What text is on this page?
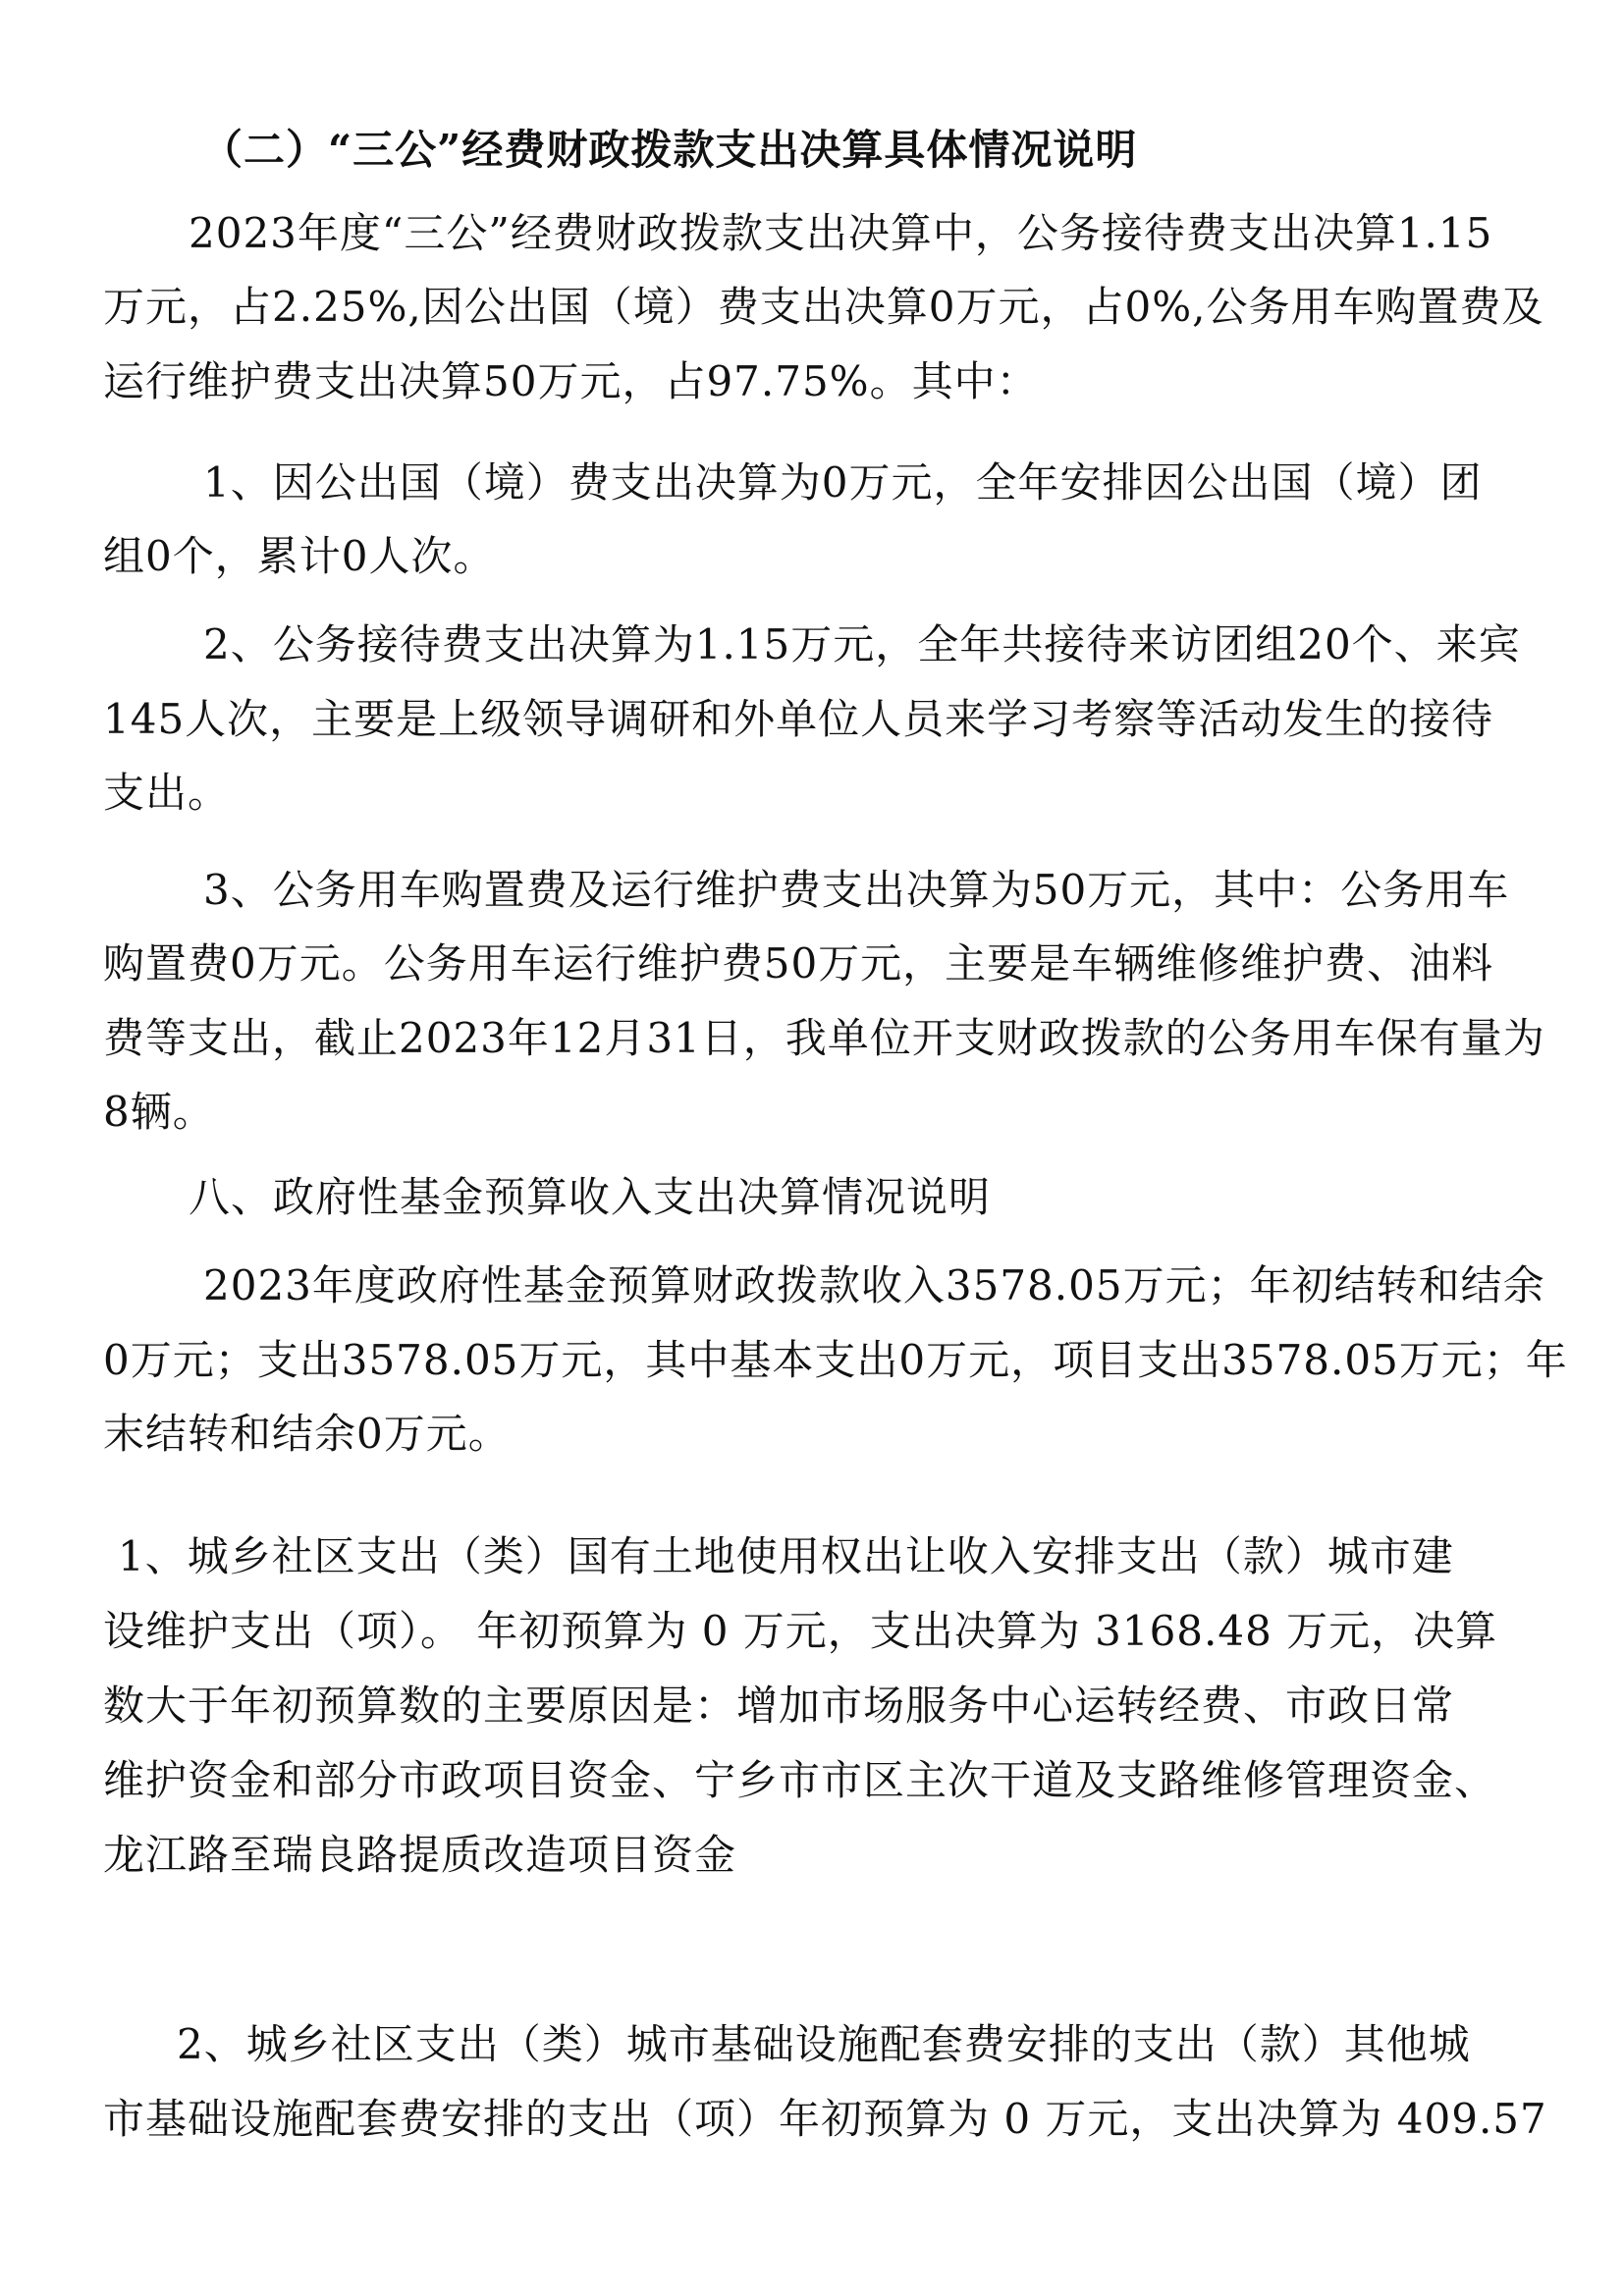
（二）“三公”经费财政拨款支出决算具体情况说明
2023年度“三公”经费财政拨款支出决算中，公务接待费支出决算1.15
万元，占2.25%,因公出国（境）费支出决算0万元，占0%,公务用车购置费及
运行维护费支出决算50万元，占97.75%。其中：
1、因公出国（境）费支出决算为0万元，全年安排因公出国（境）团
组0个，累计0人次。
2、公务接待费支出决算为1.15万元，全年共接待来访团组20个、来宾
145人次，主要是上级领导调研和外单位人员来学习考察等活动发生的接待
支出。
3、公务用车购置费及运行维护费支出决算为50万元，其中：公务用车
购置费0万元。公务用车运行维护费50万元，主要是车辆维修维护费、油料
费等支出，截止2023年12月31日，我单位开支财政拨款的公务用车保有量为
8辆。
八、政府性基金预算收入支出决算情况说明
2023年度政府性基金预算财政拨款收入3578.05万元；年初结转和结余
0万元；支出3578.05万元，其中基本支出0万元，项目支出3578.05万元；年
末结转和结余0万元。
1、城乡社区支出（类）国有土地使用权出让收入安排支出（款）城市建
设维护支出（项）。 年初预算为 0 万元，支出决算为 3168.48 万元，决算
数大于年初预算数的主要原因是：增加市场服务中心运转经费、市政日常
维护资金和部分市政项目资金、宁乡市市区主次干道及支路维修管理资金、
龙江路至瑞良路提质改造项目资金
2、城乡社区支出（类）城市基础设施配套费安排的支出（款）其他城
市基础设施配套费安排的支出（项）年初预算为 0 万元，支出决算为 409.57
